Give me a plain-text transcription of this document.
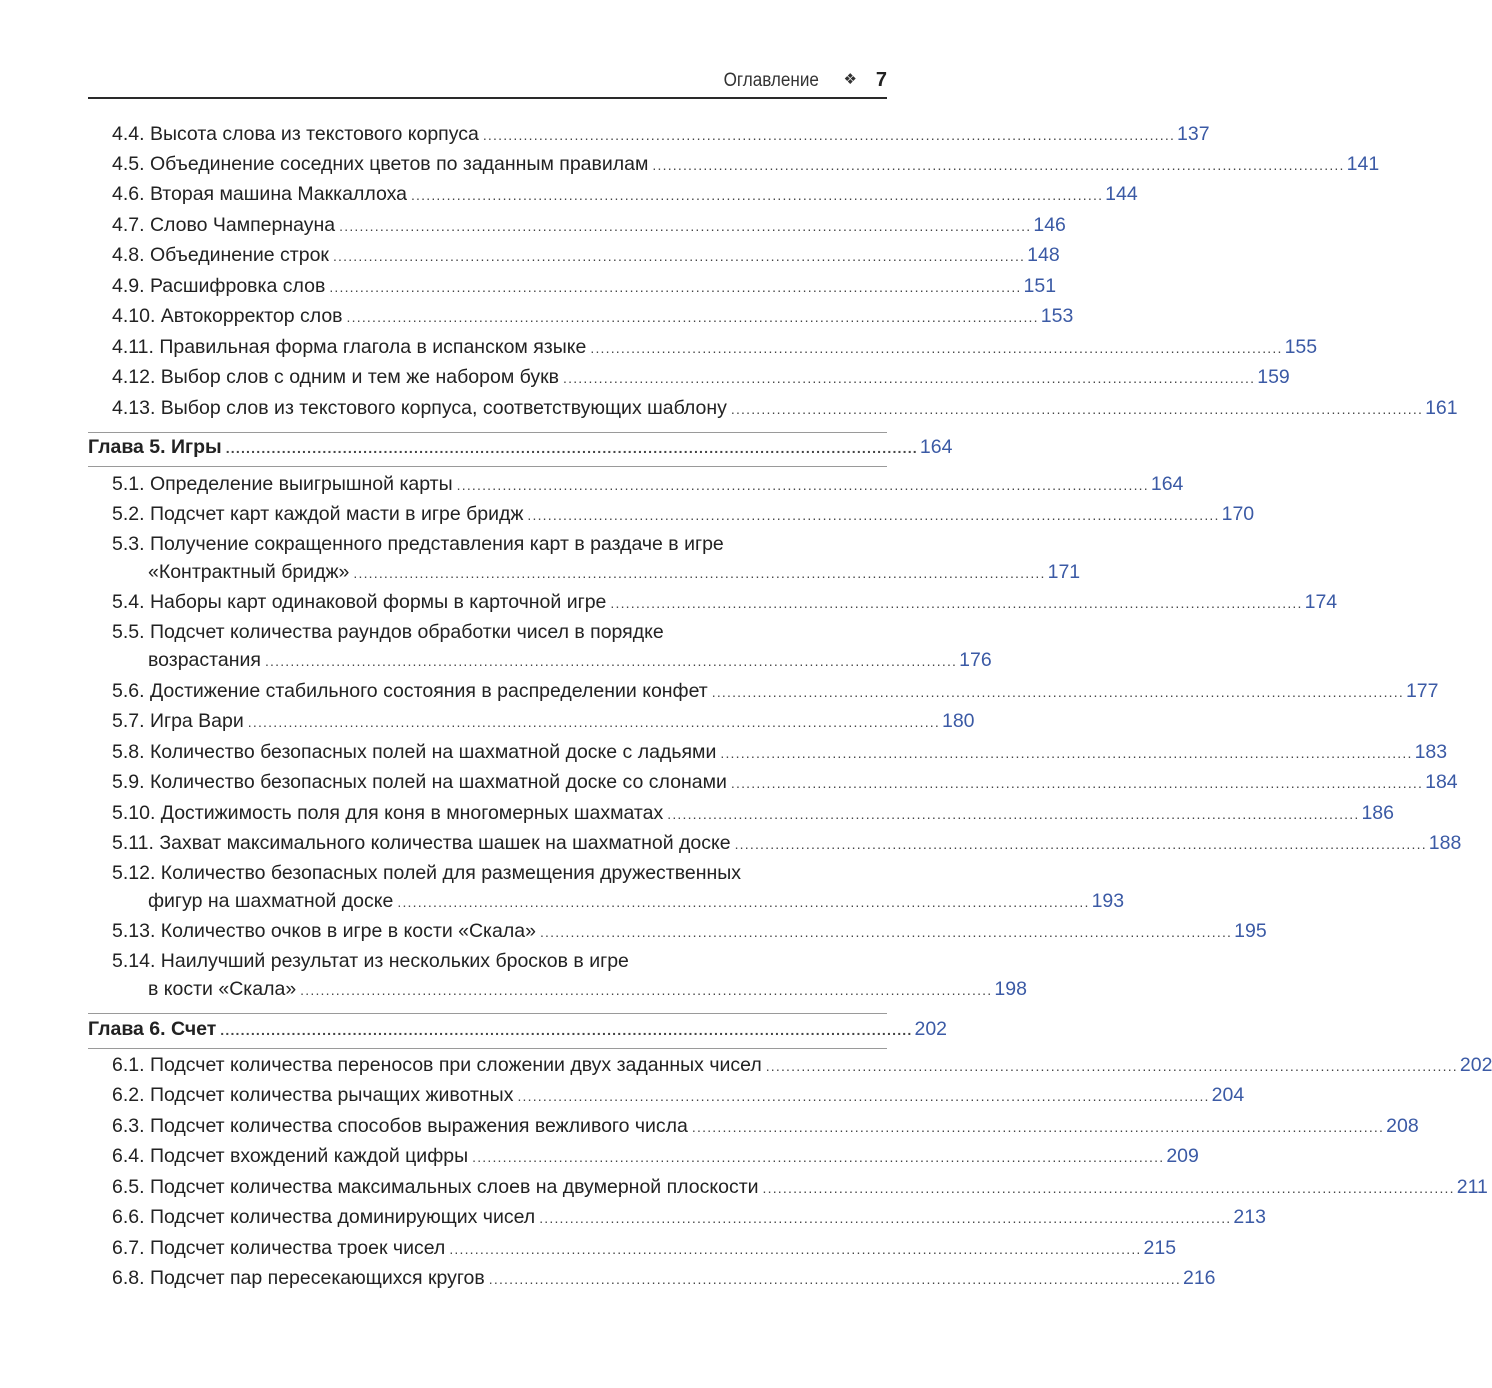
Оглавление ❖ 7
4.4. Высота слова из текстового корпуса ........................................................................................................................................ 137
4.5. Объединение соседних цветов по заданным правилам ........................................................................................................................................ 141
4.6. Вторая машина Маккаллоха ........................................................................................................................................ 144
4.7. Слово Чампернауна ........................................................................................................................................ 146
4.8. Объединение строк ........................................................................................................................................ 148
4.9. Расшифровка слов ........................................................................................................................................ 151
4.10. Автокорректор слов ........................................................................................................................................ 153
4.11. Правильная форма глагола в испанском языке ........................................................................................................................................ 155
4.12. Выбор слов с одним и тем же набором букв ........................................................................................................................................ 159
4.13. Выбор слов из текстового корпуса, соответствующих шаблону ........................................................................................................................................ 161
Глава 5. Игры ........................................................................................................................................ 164
5.1. Определение выигрышной карты ........................................................................................................................................ 164
5.2. Подсчет карт каждой масти в игре бридж ........................................................................................................................................ 170
5.3. Получение сокращенного представления карт в раздаче в игре
«Контрактный бридж» ........................................................................................................................................ 171
5.4. Наборы карт одинаковой формы в карточной игре ........................................................................................................................................ 174
5.5. Подсчет количества раундов обработки чисел в порядке
возрастания ........................................................................................................................................ 176
5.6. Достижение стабильного состояния в распределении конфет ........................................................................................................................................ 177
5.7. Игра Вари ........................................................................................................................................ 180
5.8. Количество безопасных полей на шахматной доске с ладьями ........................................................................................................................................ 183
5.9. Количество безопасных полей на шахматной доске со слонами ........................................................................................................................................ 184
5.10. Достижимость поля для коня в многомерных шахматах ........................................................................................................................................ 186
5.11. Захват максимального количества шашек на шахматной доске ........................................................................................................................................ 188
5.12. Количество безопасных полей для размещения дружественных
фигур на шахматной доске ........................................................................................................................................ 193
5.13. Количество очков в игре в кости «Скала» ........................................................................................................................................ 195
5.14. Наилучший результат из нескольких бросков в игре
в кости «Скала» ........................................................................................................................................ 198
Глава 6. Счет ........................................................................................................................................ 202
6.1. Подсчет количества переносов при сложении двух заданных чисел ........................................................................................................................................ 202
6.2. Подсчет количества рычащих животных ........................................................................................................................................ 204
6.3. Подсчет количества способов выражения вежливого числа ........................................................................................................................................ 208
6.4. Подсчет вхождений каждой цифры ........................................................................................................................................ 209
6.5. Подсчет количества максимальных слоев на двумерной плоскости ........................................................................................................................................ 211
6.6. Подсчет количества доминирующих чисел ........................................................................................................................................ 213
6.7. Подсчет количества троек чисел ........................................................................................................................................ 215
6.8. Подсчет пар пересекающихся кругов ........................................................................................................................................ 216
